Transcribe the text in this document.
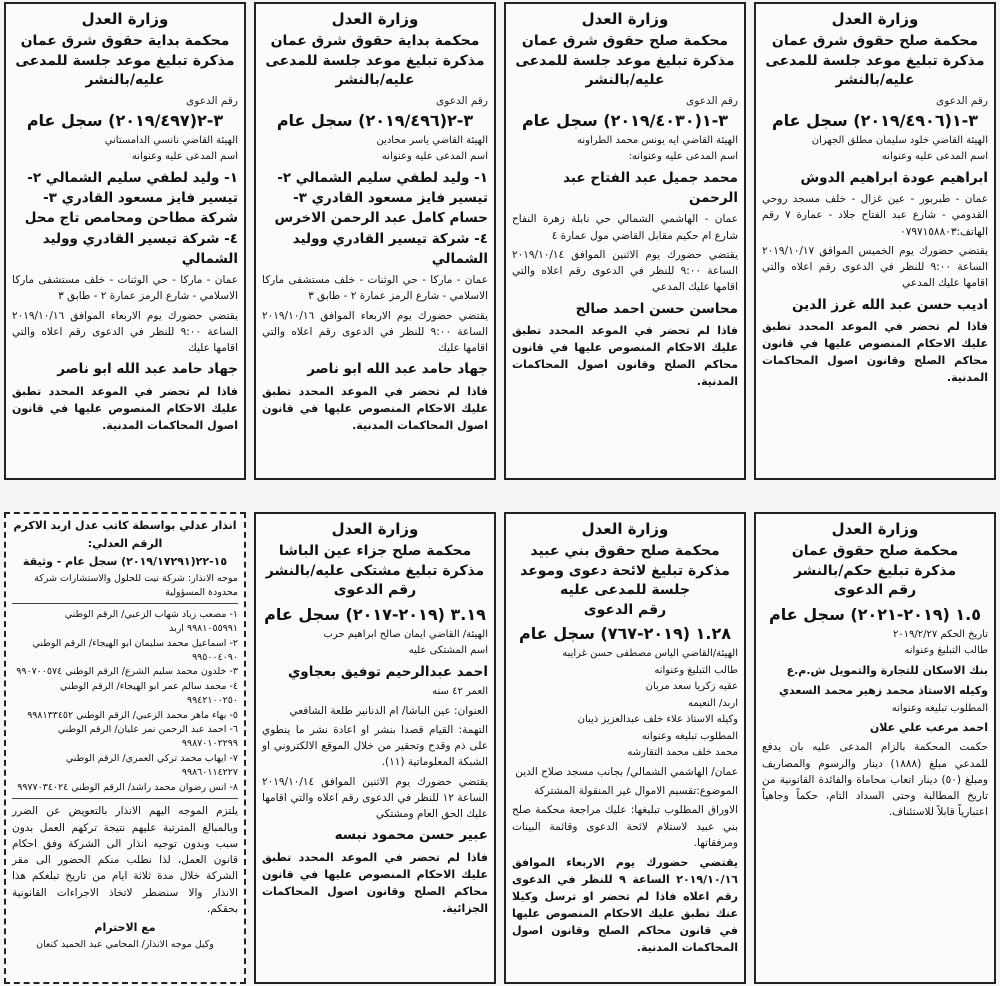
وزارة العدل
محكمة بداية حقوق شرق عمان
مذكرة تبليغ موعد جلسة للمدعى عليه/بالنشر
رقم الدعوى
٣-٢(٢٠١٩/٤٩٧) سجل عام
الهيئة القاضي نانسي الدامستاني
اسم المدعى عليه وعنوانه
١- وليد لطفي سليم الشمالي ٢- تيسير فايز مسعود القادري ٣- شركة مطاحن ومحامص تاج محل ٤- شركة تيسير القادري ووليد الشمالي
عمان - ماركا - حي الوثنات - خلف مستشفى ماركا الاسلامي - شارع الرمز عمارة ٢ - طابق ٣
يقتضي حضورك يوم الاربعاء الموافق ٢٠١٩/١٠/١٦ الساعة ٩:٠٠ للنظر في الدعوى رقم اعلاه والتي اقامها عليك
جهاد حامد عبد الله ابو ناصر
فاذا لم تحضر في الموعد المحدد تطبق عليك الاحكام المنصوص عليها في قانون اصول المحاكمات المدنية.
وزارة العدل
محكمة بداية حقوق شرق عمان
مذكرة تبليغ موعد جلسة للمدعى عليه/بالنشر
رقم الدعوى
٣-٢(٢٠١٩/٤٩٦) سجل عام
الهيئة القاضي ياسر محادين
اسم المدعى عليه وعنوانه
١- وليد لطفي سليم الشمالي ٢- تيسير فايز مسعود القادري ٣- حسام كامل عبد الرحمن الاخرس ٤- شركة تيسير القادري ووليد الشمالي
عمان - ماركا - حي الوثنات - خلف مستشفى ماركا الاسلامي - شارع الرمز عمارة ٢ - طابق ٣
يقتضي حضورك يوم الاربعاء الموافق ٢٠١٩/١٠/١٦ الساعة ٩:٠٠ للنظر في الدعوى رقم اعلاه والتي اقامها عليك
جهاد حامد عبد الله ابو ناصر
فاذا لم تحضر في الموعد المحدد تطبق عليك الاحكام المنصوص عليها في قانون اصول المحاكمات المدنية.
وزارة العدل
محكمة صلح حقوق شرق عمان
مذكرة تبليغ موعد جلسة للمدعى عليه/بالنشر
رقم الدعوى
٣-١(٢٠١٩/٤٠٣٠) سجل عام
الهيئة القاضي ايه يونس محمد الطراونه
اسم المدعى عليه وعنوانه:
محمد جميل عبد الفتاح عبد الرحمن
عمان - الهاشمي الشمالي حي نابلة زهرة النفاح شارع ام حكيم مقابل القاضي مول عمارة ٤
يقتضي حضورك يوم الاثنين الموافق ٢٠١٩/١٠/١٤ الساعة ٩:٠٠ للنظر في الدعوى رقم اعلاه والتي اقامها عليك المدعي
محاسن حسن احمد صالح
فاذا لم تحضر في الموعد المحدد تطبق عليك الاحكام المنصوص عليها في قانون محاكم الصلح وقانون اصول المحاكمات المدنية.
وزارة العدل
محكمة صلح حقوق شرق عمان
مذكرة تبليغ موعد جلسة للمدعى عليه/بالنشر
رقم الدعوى
٣-١(٢٠١٩/٤٩٠٦) سجل عام
الهيئة القاضي خلود سليمان مطلق الجهران
اسم المدعى عليه وعنوانه
ابراهيم عودة ابراهيم الدوش
عمان - طبربور - عين غزال - خلف مسجد روحي القدومي - شارع عبد الفتاح جلاد - عمارة ٧ رقم الهاتف:٠٧٩٧١٥٨٨٠٣
يقتضي حضورك يوم الخميس الموافق ٢٠١٩/١٠/١٧ الساعة ٩:٠٠ للنظر في الدعوى رقم اعلاه والتي اقامها عليك المدعي
اديب حسن عبد الله غرز الدين
فاذا لم تحضر في الموعد المحدد تطبق عليك الاحكام المنصوص عليها في قانون محاكم الصلح وقانون اصول المحاكمات المدنية.
انذار عدلي بواسطة كاتب عدل اربد الاكرم
الرقم العدلي:
١٥-٢٢(٢٠١٩/١٧٢٩١) سجل عام - وثيقة
موجه الانذار: شركة نيت للحلول والاستشارات شركة محدودة المسؤولية
١- مصعب زياد شهاب الزعبي/ الرقم الوطني ٩٩٨١٠٥٥٩٩١ اربد
٢- اسماعيل محمد سليمان ابو الهيجاء/ الرقم الوطني ٩٩٥٠٠٤٠٩٠
٣- خلدون محمد سليم الشرع/ الرقم الوطني ٩٩٠٧٠٠٥٧٤
٤- محمد سالم عمر ابو الهيجاء/ الرقم الوطني ٩٩٤٢١٠٠٢٥٠
٥- بهاء ماهر محمد الزعبي/ الرقم الوطني ٩٩٨١٣٣٤٥٢
٦- احمد عبد الرحمن نمر عليان/ الرقم الوطني ٩٩٨٧٠١٠٢٢٩٩
٧- ايهاب محمد تركي العمري/ الرقم الوطني ٩٩٨٦٠١١٤٢٢٧
٨- انس رضوان محمد راشد/ الرقم الوطني ٩٩٧٧٠٣٤٠٢٤
يلتزم الموجه اليهم الانذار بالتعويض عن الضرر وبالمبالغ المترتبة عليهم نتيجة تركهم العمل بدون سبب وبدون توجيه انذار الى الشركة وفق احكام قانون العمل، لذا نطلب منكم الحضور الى مقر الشركة خلال مدة ثلاثة ايام من تاريخ تبلغكم هذا الانذار والا سنضطر لاتخاذ الاجراءات القانونية بحقكم.
مع الاحترام
وكيل موجه الانذار/ المحامي عبد الحميد كنعان
وزارة العدل
محكمة صلح جزاء عين الباشا
مذكرة تبليغ مشتكى عليه/بالنشر
رقم الدعوى
٣.١٩ (٢٠١٩-٢٠١٧) سجل عام
الهيئة/ القاضي ايمان صالح ابراهيم حرب
اسم المشتكى عليه
احمد عبدالرحيم توفيق بعجاوي
العمر ٤٢ سنه
العنوان: عين الباشا/ ام الدنانير طلعة الشافعي
التهمة: القيام قصدا بنشر او اعادة نشر ما ينطوي على ذم وقدح وتحقير من خلال الموقع الالكتروني او الشبكة المعلوماتية (١١).
يقتضي حضورك يوم الاثنين الموافق ٢٠١٩/١٠/١٤ الساعة ١٢ للنظر في الدعوى رقم اعلاه والتي اقامها عليك الحق العام ومشتكي
عبير حسن محمود نبسه
فاذا لم تحضر في الموعد المحدد تطبق عليك الاحكام المنصوص عليها في قانون محاكم الصلح وقانون اصول المحاكمات الجزائية.
وزارة العدل
محكمة صلح حقوق بني عبيد
مذكرة تبليغ لائحة دعوى وموعد جلسة للمدعى عليه
رقم الدعوى
١.٢٨ (٢٠١٩-٧٦٧) سجل عام
الهيئة/القاضي الياس مصطفى حسن غرايبه
طالب التبليغ وعنوانه
عقيه زكريا سعد مربان
اربد/ النعيمه
وكيله الاستاذ علاء خلف عبدالعزيز ذيبان
المطلوب تبليغه وعنوانه
محمد خلف محمد التقارشه
عمان/ الهاشمي الشمالي/ بجانب مسجد صلاح الدين
الموضوع:تقسيم الاموال غير المنقولة المشتركة
الاوراق المطلوب تبليغها: عليك مراجعة محكمة صلح بني عبيد لاستلام لائحة الدعوى وقائمة البينات ومرفقاتها.
يقتضي حضورك يوم الاربعاء الموافق ٢٠١٩/١٠/١٦ الساعة ٩ للنظر في الدعوى رقم اعلاه فاذا لم تحضر او ترسل وكيلا عنك تطبق عليك الاحكام المنصوص عليها في قانون محاكم الصلح وقانون اصول المحاكمات المدنية.
وزارة العدل
محكمة صلح حقوق عمان
مذكرة تبليغ حكم/بالنشر
رقم الدعوى
١.٥ (٢٠١٩-٢٠٢١) سجل عام
تاريخ الحكم ٢٠١٩/٢/٢٧
طالب التبليغ وعنوانه
بنك الاسكان للتجارة والتمويل ش.م.ع
وكيله الاستاذ محمد زهير محمد السعدي
المطلوب تبليغه وعنوانه
احمد مرعب علي علان
حكمت المحكمة بالزام المدعى عليه بان يدفع للمدعي مبلغ (١٨٨٨) دينار والرسوم والمصاريف ومبلغ (٥٠) دينار اتعاب محاماة والفائدة القانونية من تاريخ المطالبة وحتى السداد التام، حكماً وجاهياً اعتبارياً قابلاً للاستئناف.
